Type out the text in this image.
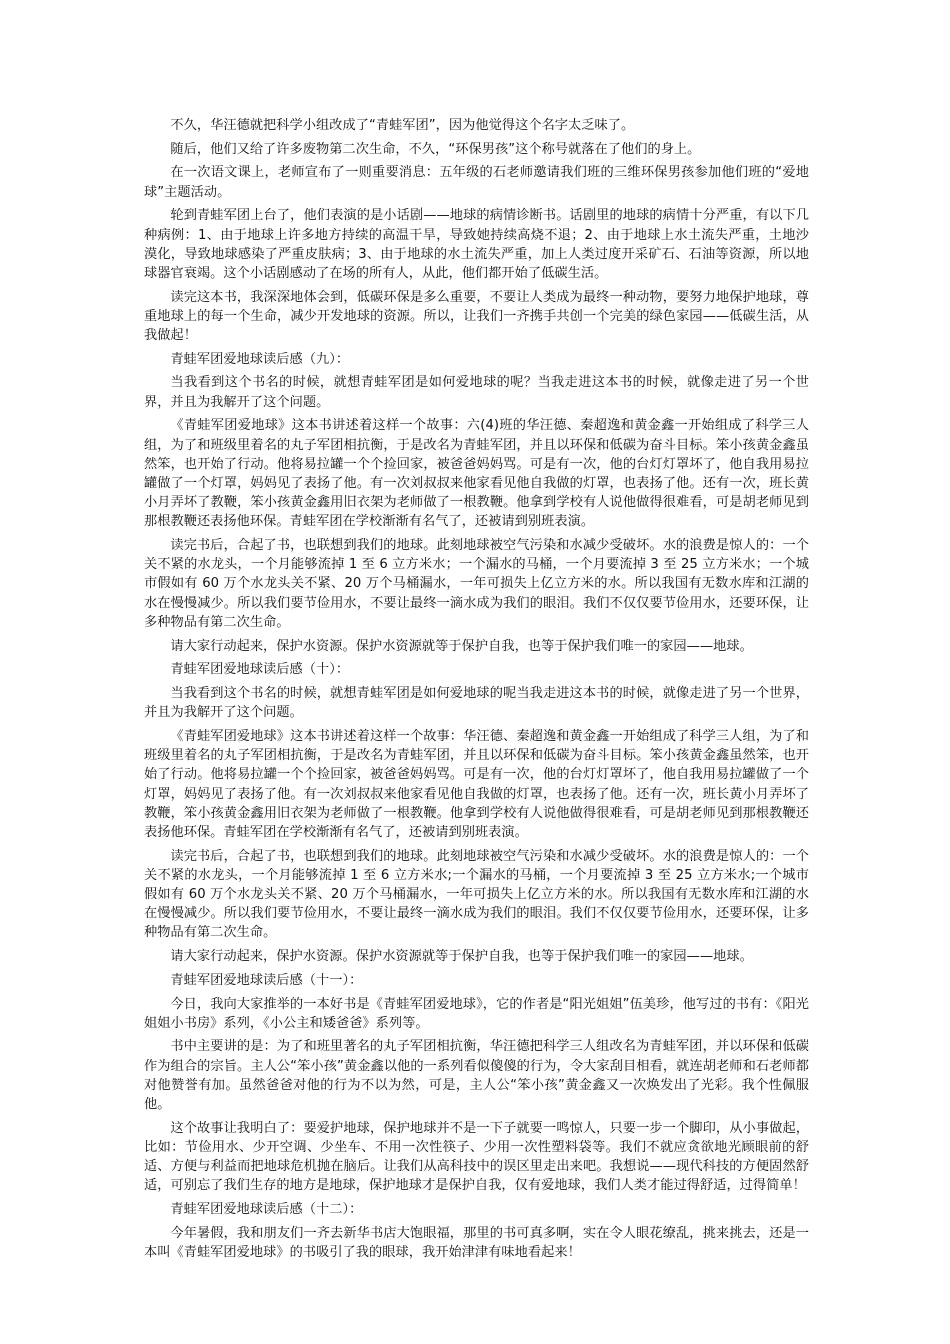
不久，华汪德就把科学小组改成了“青蛙军团”，因为他觉得这个名字太乏味了。

随后，他们又给了许多废物第二次生命，不久，“环保男孩”这个称号就落在了他们的身上。

在一次语文课上，老师宣布了一则重要消息：五年级的石老师邀请我们班的三维环保男孩参加他们班的“爱地球”主题活动。

轮到青蛙军团上台了，他们表演的是小话剧——地球的病情诊断书。话剧里的地球的病情十分严重，有以下几种病例：1、由于地球上许多地方持续的高温干旱，导致她持续高烧不退；2、由于地球上水土流失严重，土地沙漠化，导致地球感染了严重皮肤病；3、由于地球的水土流失严重，加上人类过度开采矿石、石油等资源，所以地球器官衰竭。这个小话剧感动了在场的所有人，从此，他们都开始了低碳生活。

读完这本书，我深深地体会到，低碳环保是多么重要，不要让人类成为最终一种动物，要努力地保护地球，尊重地球上的每一个生命，减少开发地球的资源。所以，让我们一齐携手共创一个完美的绿色家园——低碳生活，从我做起！

青蛙军团爱地球读后感（九）：

当我看到这个书名的时候，就想青蛙军团是如何爱地球的呢？当我走进这本书的时候，就像走进了另一个世界，并且为我解开了这个问题。

《青蛙军团爱地球》这本书讲述着这样一个故事：六(4)班的华汪德、秦超逸和黄金鑫一开始组成了科学三人组，为了和班级里着名的丸子军团相抗衡，于是改名为青蛙军团，并且以环保和低碳为奋斗目标。笨小孩黄金鑫虽然笨，也开始了行动。他将易拉罐一个个捡回家，被爸爸妈妈骂。可是有一次，他的台灯灯罩坏了，他自我用易拉罐做了一个灯罩，妈妈见了表扬了他。有一次刘叔叔来他家看见他自我做的灯罩，也表扬了他。还有一次，班长黄小月弄坏了教鞭，笨小孩黄金鑫用旧衣架为老师做了一根教鞭。他拿到学校有人说他做得很难看，可是胡老师见到那根教鞭还表扬他环保。青蛙军团在学校渐渐有名气了，还被请到别班表演。

读完书后，合起了书，也联想到我们的地球。此刻地球被空气污染和水减少受破坏。水的浪费是惊人的：一个关不紧的水龙头，一个月能够流掉 1 至 6 立方米水；一个漏水的马桶，一个月要流掉 3 至 25 立方米水；一个城市假如有 60 万个水龙头关不紧、20 万个马桶漏水，一年可损失上亿立方米的水。所以我国有无数水库和江湖的水在慢慢减少。所以我们要节俭用水，不要让最终一滴水成为我们的眼泪。我们不仅仅要节俭用水，还要环保，让多种物品有第二次生命。

请大家行动起来，保护水资源。保护水资源就等于保护自我，也等于保护我们唯一的家园——地球。

青蛙军团爱地球读后感（十）：

当我看到这个书名的时候，就想青蛙军团是如何爱地球的呢当我走进这本书的时候，就像走进了另一个世界，并且为我解开了这个问题。

《青蛙军团爱地球》这本书讲述着这样一个故事：华汪德、秦超逸和黄金鑫一开始组成了科学三人组，为了和班级里着名的丸子军团相抗衡，于是改名为青蛙军团，并且以环保和低碳为奋斗目标。笨小孩黄金鑫虽然笨，也开始了行动。他将易拉罐一个个捡回家，被爸爸妈妈骂。可是有一次，他的台灯灯罩坏了，他自我用易拉罐做了一个灯罩，妈妈见了表扬了他。有一次刘叔叔来他家看见他自我做的灯罩，也表扬了他。还有一次，班长黄小月弄坏了教鞭，笨小孩黄金鑫用旧衣架为老师做了一根教鞭。他拿到学校有人说他做得很难看，可是胡老师见到那根教鞭还表扬他环保。青蛙军团在学校渐渐有名气了，还被请到别班表演。

读完书后，合起了书，也联想到我们的地球。此刻地球被空气污染和水减少受破坏。水的浪费是惊人的：一个关不紧的水龙头，一个月能够流掉 1 至 6 立方米水;一个漏水的马桶，一个月要流掉 3 至 25 立方米水;一个城市假如有 60 万个水龙头关不紧、20 万个马桶漏水，一年可损失上亿立方米的水。所以我国有无数水库和江湖的水在慢慢减少。所以我们要节俭用水，不要让最终一滴水成为我们的眼泪。我们不仅仅要节俭用水，还要环保，让多种物品有第二次生命。

请大家行动起来，保护水资源。保护水资源就等于保护自我，也等于保护我们唯一的家园——地球。

青蛙军团爱地球读后感（十一）：

今日，我向大家推举的一本好书是《青蛙军团爱地球》，它的作者是“阳光姐姐”伍美珍，他写过的书有：《阳光姐姐小书房》系列，《小公主和矮爸爸》系列等。

书中主要讲的是：为了和班里著名的丸子军团相抗衡，华汪德把科学三人组改名为青蛙军团，并以环保和低碳作为组合的宗旨。主人公“笨小孩”黄金鑫以他的一系列看似傻傻的行为，令大家刮目相看，就连胡老师和石老师都对他赞誉有加。虽然爸爸对他的行为不以为然，可是，主人公“笨小孩”黄金鑫又一次焕发出了光彩。我个性佩服他。

这个故事让我明白了：要爱护地球，保护地球并不是一下子就要一鸣惊人，只要一步一个脚印，从小事做起，比如：节俭用水、少开空调、少坐车、不用一次性筷子、少用一次性塑料袋等。我们不就应贪欲地光顾眼前的舒适、方便与利益而把地球危机抛在脑后。让我们从高科技中的误区里走出来吧。我想说——现代科技的方便固然舒适，可别忘了我们生存的地方是地球，保护地球才是保护自我，仅有爱地球，我们人类才能过得舒适，过得简单！

青蛙军团爱地球读后感（十二）：

今年暑假，我和朋友们一齐去新华书店大饱眼福，那里的书可真多啊，实在令人眼花缭乱，挑来挑去，还是一本叫《青蛙军团爱地球》的书吸引了我的眼球，我开始津津有味地看起来！
